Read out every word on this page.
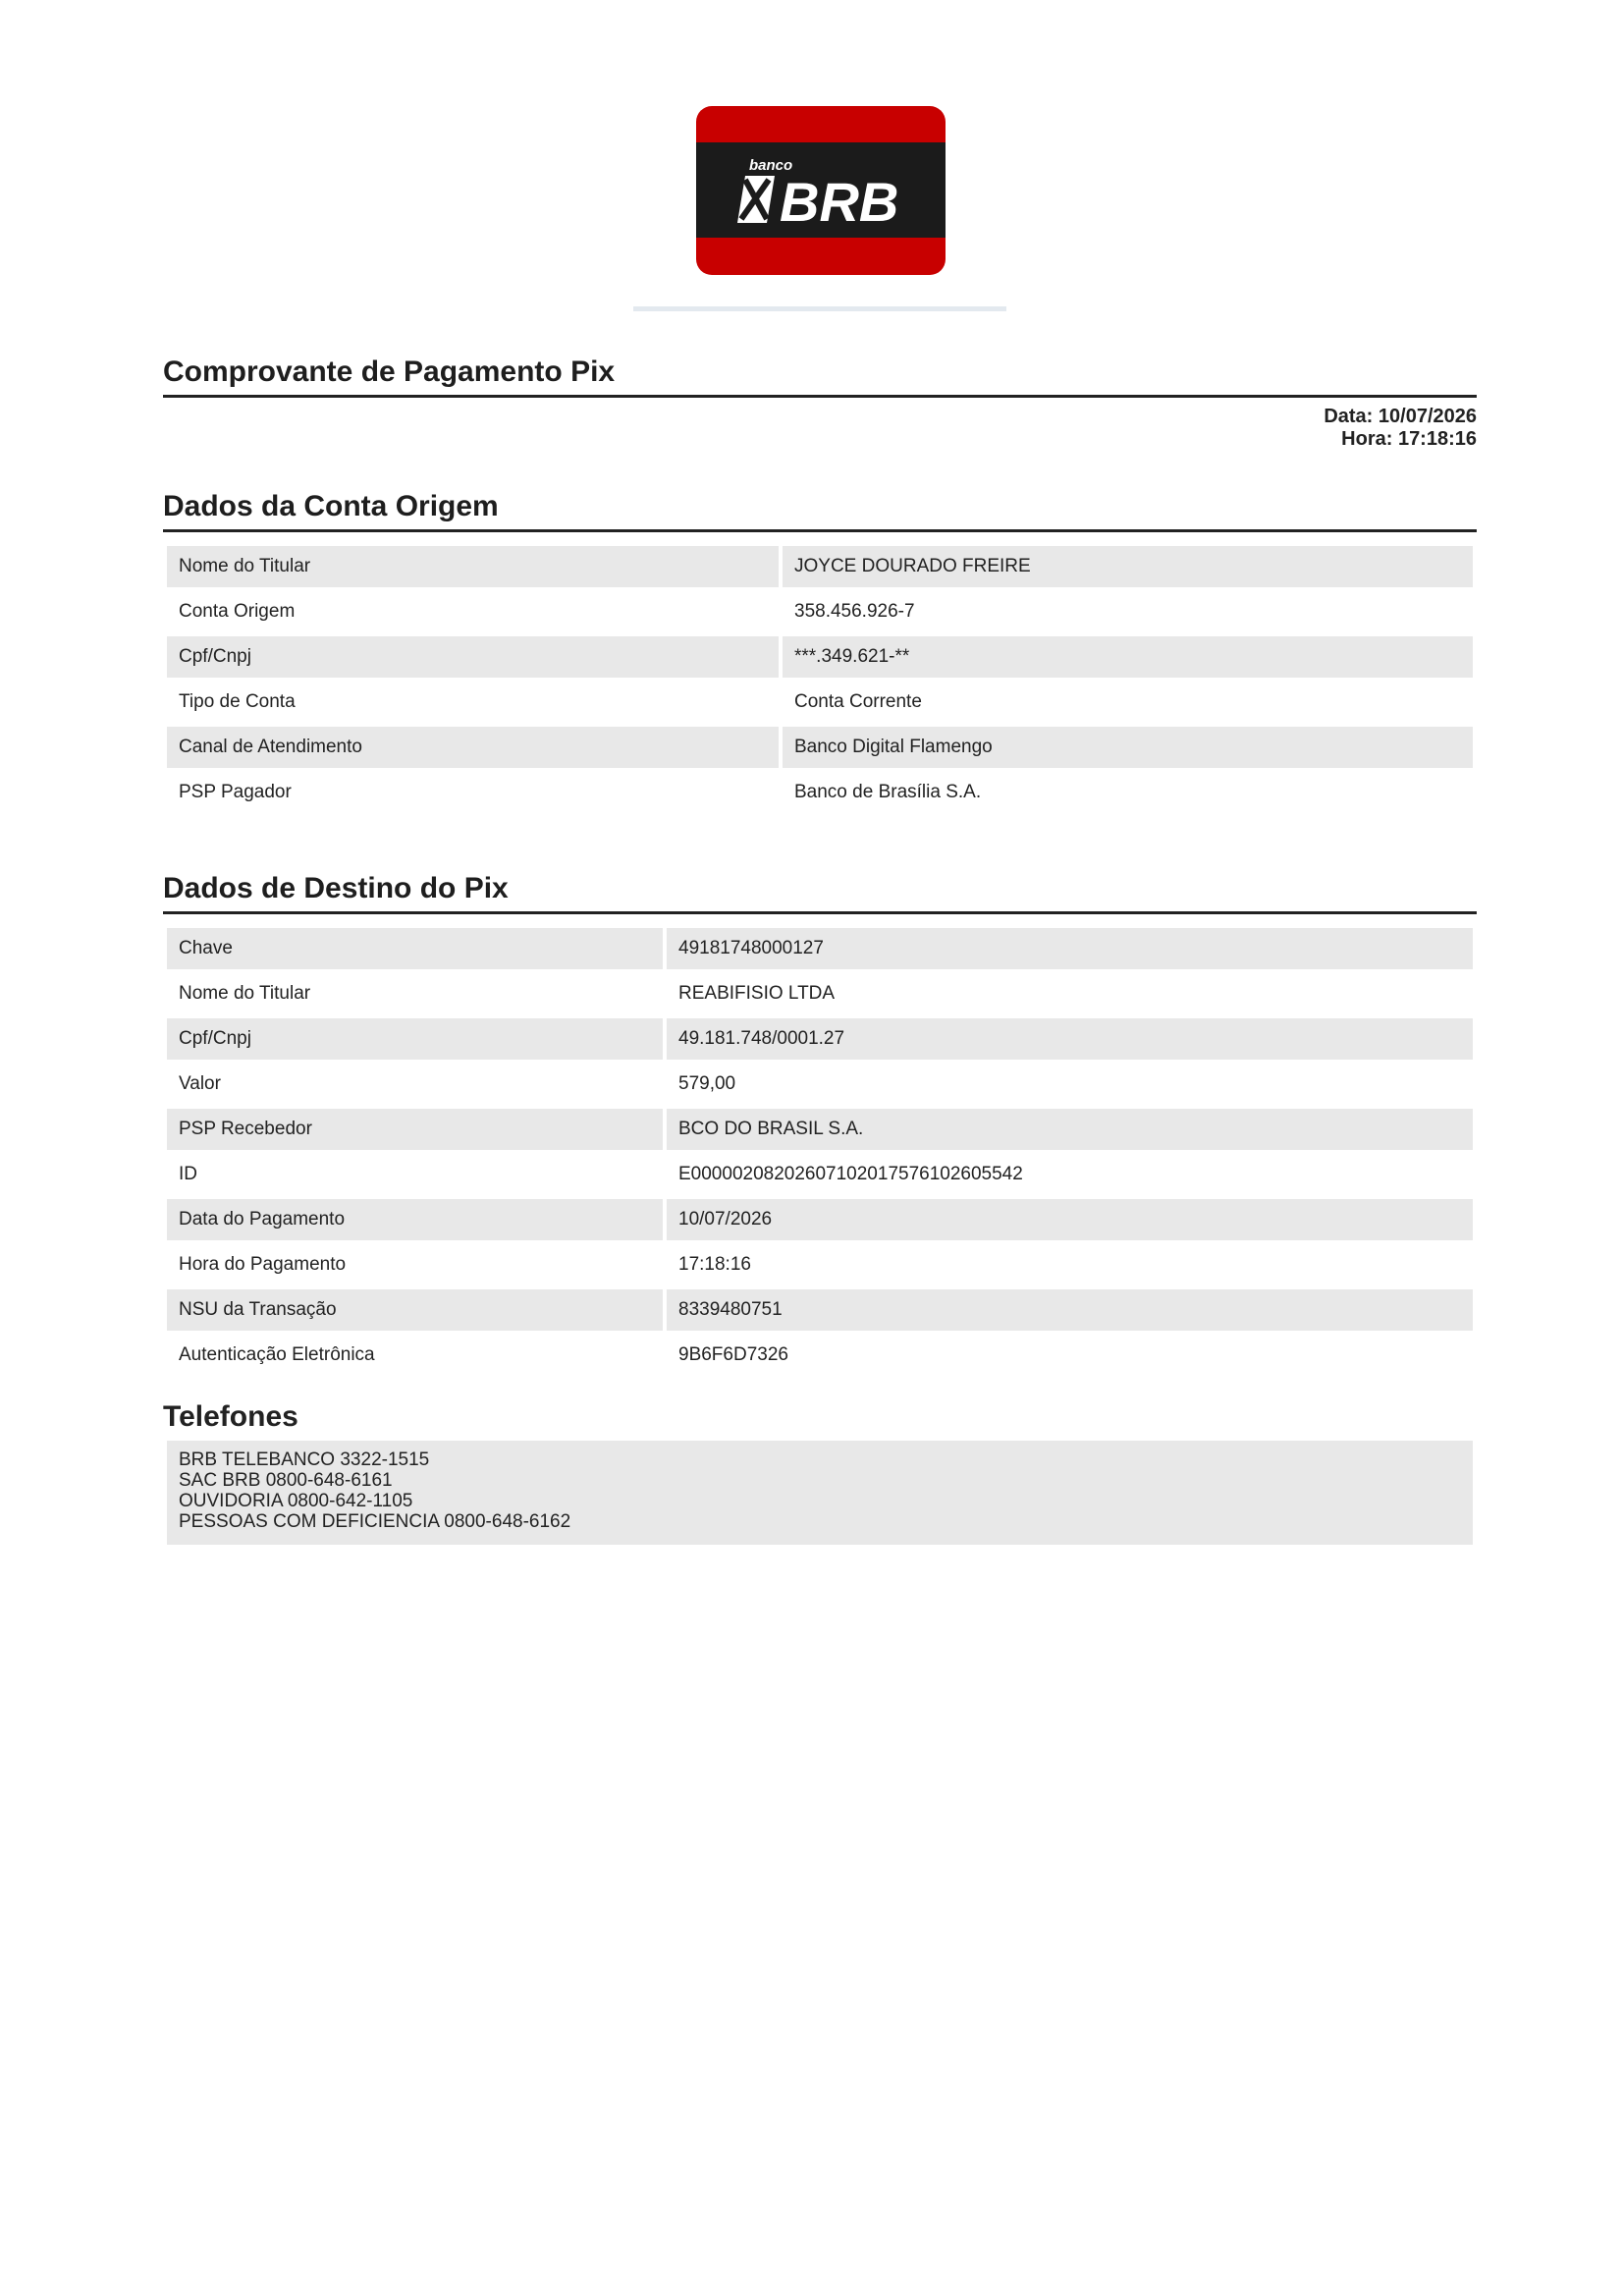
banco
BRB
Comprovante de Pagamento Pix
Data: 10/07/2026
Hora: 17:18:16
Dados da Conta Origem
Nome do Titular	JOYCE DOURADO FREIRE
Conta Origem	358.456.926-7
Cpf/Cnpj	***.349.621-**
Tipo de Conta	Conta Corrente
Canal de Atendimento	Banco Digital Flamengo
PSP Pagador	Banco de Brasília S.A.
Dados de Destino do Pix
Chave	49181748000127
Nome do Titular	REABIFISIO LTDA
Cpf/Cnpj	49.181.748/0001.27
Valor	579,00
PSP Recebedor	BCO DO BRASIL S.A.
ID	E00000208202607102017576102605542
Data do Pagamento	10/07/2026
Hora do Pagamento	17:18:16
NSU da Transação	8339480751
Autenticação Eletrônica	9B6F6D7326
Telefones
BRB TELEBANCO 3322-1515
SAC BRB 0800-648-6161
OUVIDORIA 0800-642-1105
PESSOAS COM DEFICIENCIA 0800-648-6162
